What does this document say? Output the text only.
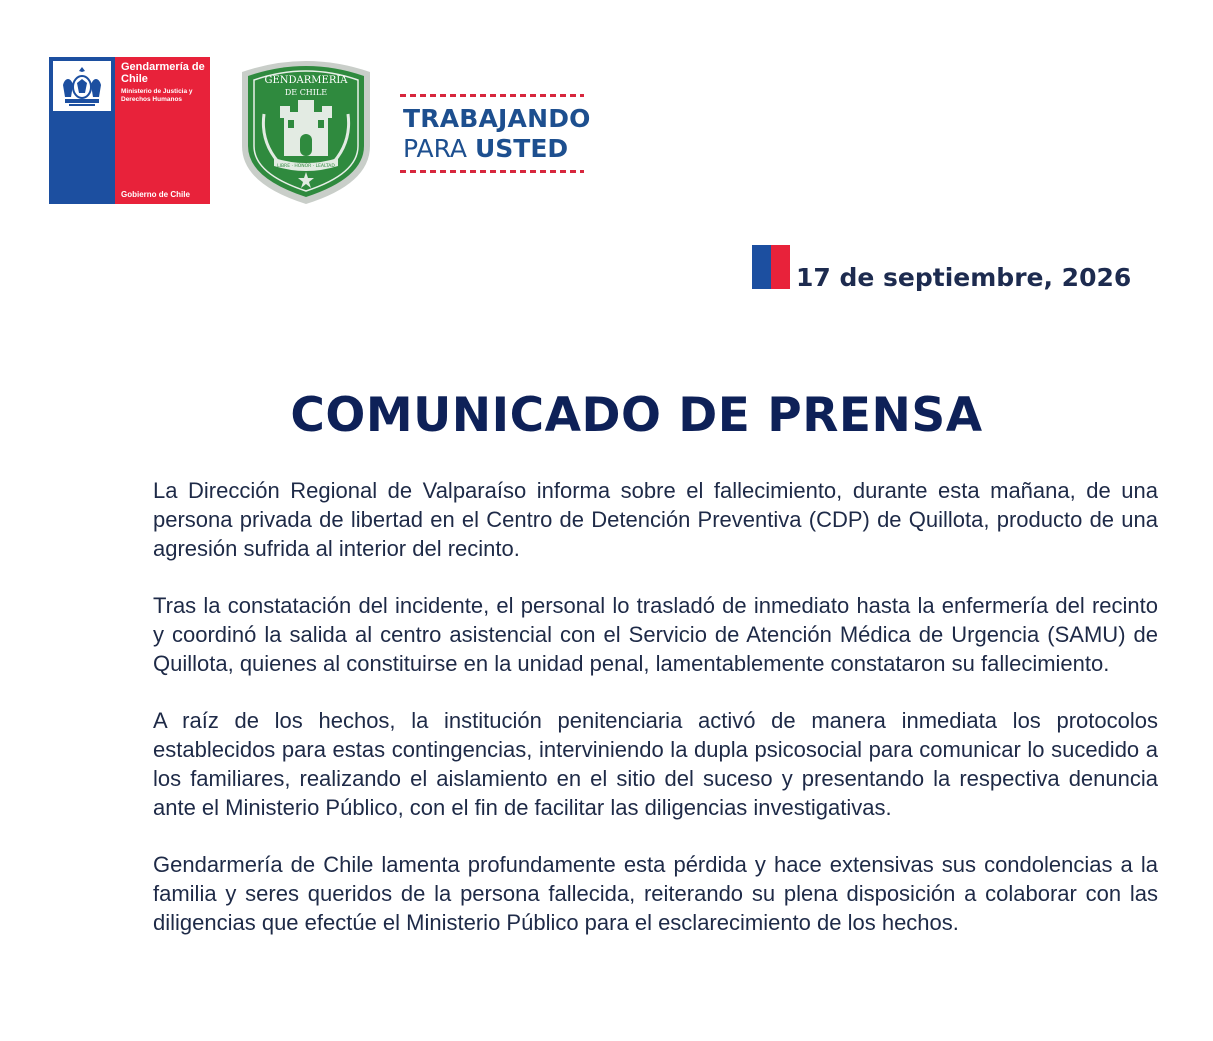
Gendarmería de Chile
Ministerio de Justicia y Derechos Humanos
Gobierno de Chile
GENDARMERIA
DE CHILE
LIBRE · HONOR · LEALTAD
TRABAJANDO
PARA USTED
17 de septiembre, 2026
COMUNICADO DE PRENSA

La Dirección Regional de Valparaíso informa sobre el fallecimiento, durante esta mañana, de una persona privada de libertad en el Centro de Detención Preventiva (CDP) de Quillota, producto de una agresión sufrida al interior del recinto.

Tras la constatación del incidente, el personal lo trasladó de inmediato hasta la enfermería del recinto y coordinó la salida al centro asistencial con el Servicio de Atención Médica de Urgencia (SAMU) de Quillota, quienes al constituirse en la unidad penal, lamentablemente constataron su fallecimiento.

A raíz de los hechos, la institución penitenciaria activó de manera inmediata los protocolos establecidos para estas contingencias, interviniendo la dupla psicosocial para comunicar lo sucedido a los familiares, realizando el aislamiento en el sitio del suceso y presentando la respectiva denuncia ante el Ministerio Público, con el fin de facilitar las diligencias investigativas.

Gendarmería de Chile lamenta profundamente esta pérdida y hace extensivas sus condolencias a la familia y seres queridos de la persona fallecida, reiterando su plena disposición a colaborar con las diligencias que efectúe el Ministerio Público para el esclarecimiento de los hechos.
